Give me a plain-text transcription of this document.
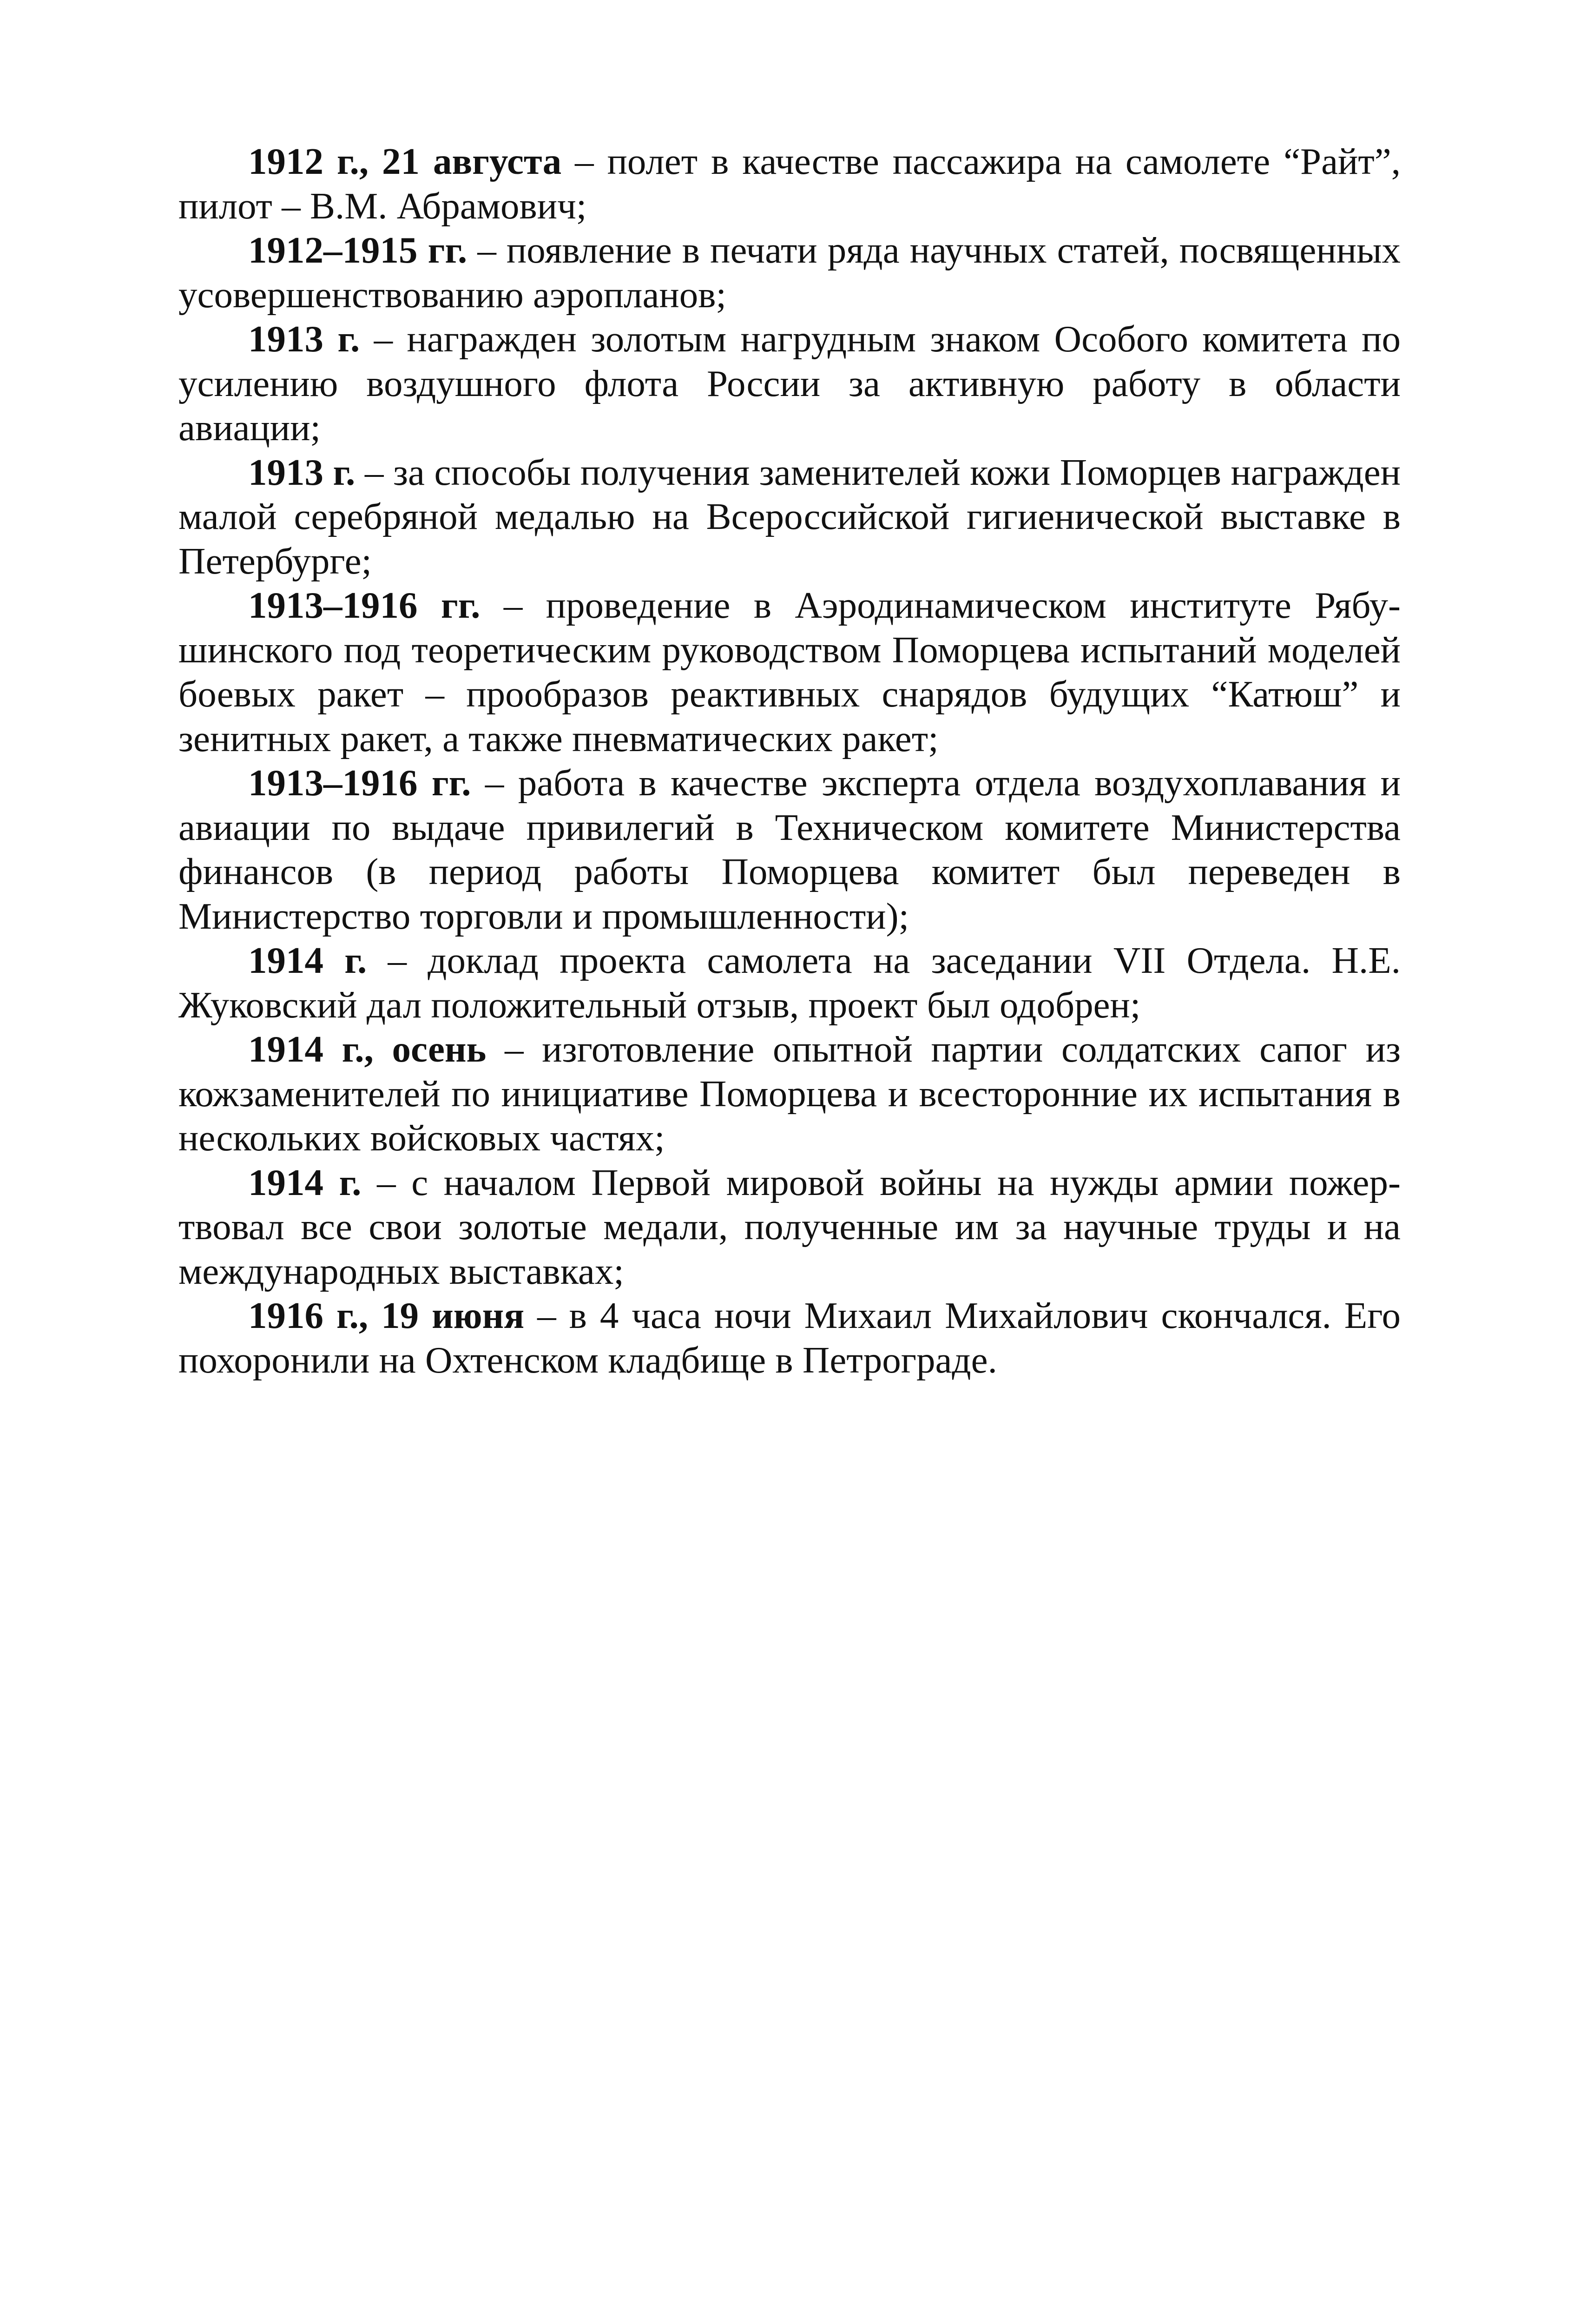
1912 г., 21 августа – полет в качестве пассажира на самолете “Райт”, пилот – В.М. Абрамович;

1912–1915 гг. – появление в печати ряда научных статей, посвященных усовершенствованию аэропланов;

1913 г. – награжден золотым нагрудным знаком Особого комитета по усилению воздушного флота России за активную работу в области авиации;

1913 г. – за способы получения заменителей кожи Поморцев награжден малой серебряной медалью на Всероссийской гигиенической выставке в Петербурге;

1913–1916 гг. – проведение в Аэродинамическом институте Рябушинского под теоретическим руководством Поморцева испытаний моделей боевых ракет – прообразов реактивных снарядов будущих “Катюш” и зенитных ракет, а также пневматических ракет;

1913–1916 гг. – работа в качестве эксперта отдела воздухоплавания и авиации по выдаче привилегий в Техническом комитете Министерства финансов (в период работы Поморцева комитет был переведен в Министерство торговли и промышленности);

1914 г. – доклад проекта самолета на заседании VII Отдела. Н.Е. Жуковский дал положительный отзыв, проект был одобрен;

1914 г., осень – изготовление опытной партии солдатских сапог из кожзаменителей по инициативе Поморцева и всесторонние их испытания в нескольких войсковых частях;

1914 г. – с началом Первой мировой войны на нужды армии пожертвовал все свои золотые медали, полученные им за научные труды и на международных выставках;

1916 г., 19 июня – в 4 часа ночи Михаил Михайлович скончался. Его похоронили на Охтенском кладбище в Петрограде.
